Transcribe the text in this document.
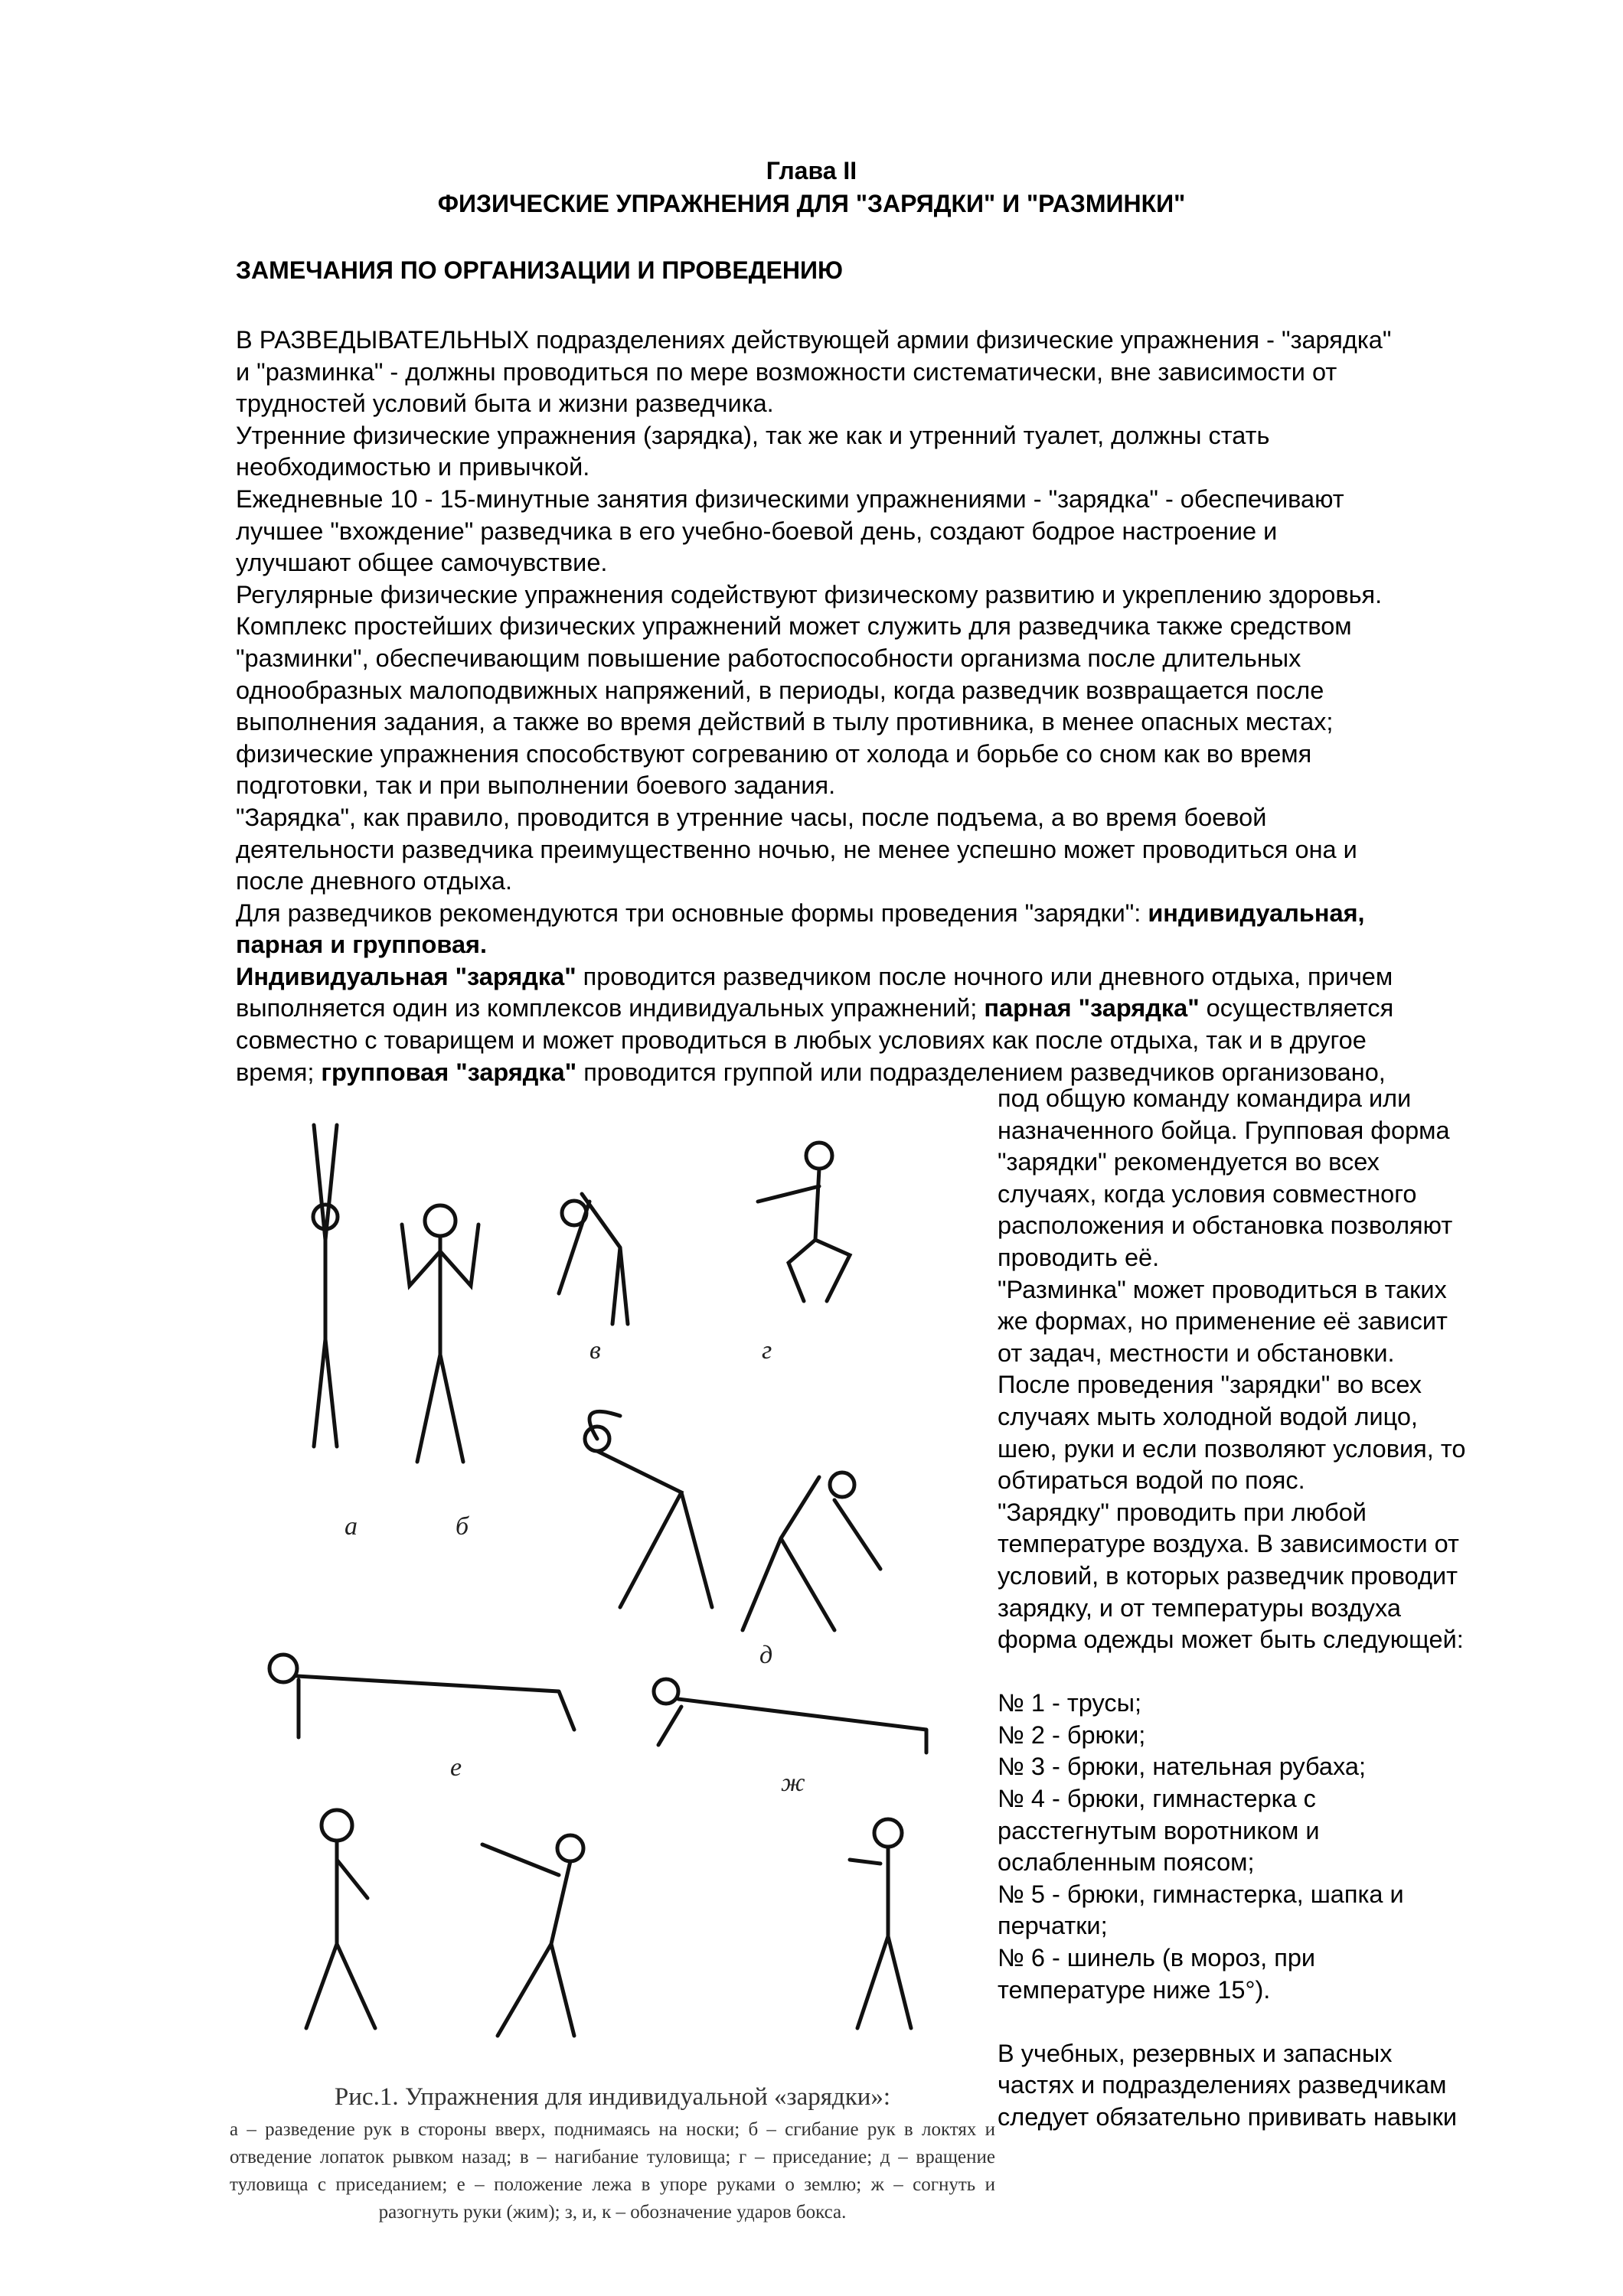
Глава II
ФИЗИЧЕСКИЕ УПРАЖНЕНИЯ ДЛЯ "ЗАРЯДКИ" И "РАЗМИНКИ"
ЗАМЕЧАНИЯ ПО ОРГАНИЗАЦИИ И ПРОВЕДЕНИЮ
В РАЗВЕДЫВАТЕЛЬНЫХ подразделениях действующей армии физические упражнения - "зарядка"
и "разминка" - должны проводиться по мере возможности систематически, вне зависимости от
трудностей условий быта и жизни разведчика.
Утренние физические упражнения (зарядка), так же как и утренний туалет, должны стать
необходимостью и привычкой.
Ежедневные 10 - 15-минутные занятия физическими упражнениями - "зарядка" - обеспечивают
лучшее "вхождение" разведчика в его учебно-боевой день, создают бодрое настроение и
улучшают общее самочувствие.
Регулярные физические упражнения содействуют физическому развитию и укреплению здоровья.
Комплекс простейших физических упражнений может служить для разведчика также средством
"разминки", обеспечивающим повышение работоспособности организма после длительных
однообразных малоподвижных напряжений, в периоды, когда разведчик возвращается после
выполнения задания, а также во время действий в тылу противника, в менее опасных местах;
физические упражнения способствуют согреванию от холода и борьбе со сном как во время
подготовки, так и при выполнении боевого задания.
"Зарядка", как правило, проводится в утренние часы, после подъема, а во время боевой
деятельности разведчика преимущественно ночью, не менее успешно может проводиться она и
после дневного отдыха.
Для разведчиков рекомендуются три основные формы проведения "зарядки": индивидуальная,
парная и групповая.
Индивидуальная "зарядка" проводится разведчиком после ночного или дневного отдыха, причем
выполняется один из комплексов индивидуальных упражнений; парная "зарядка" осуществляется
совместно с товарищем и может проводиться в любых условиях как после отдыха, так и в другое
время; групповая "зарядка" проводится группой или подразделением разведчиков организовано,
под общую команду командира или
назначенного бойца. Групповая форма
"зарядки" рекомендуется во всех
случаях, когда условия совместного
расположения и обстановка позволяют
проводить её.
"Разминка" может проводиться в таких
же формах, но применение её зависит
от задач, местности и обстановки.
После проведения "зарядки" во всех
случаях мыть холодной водой лицо,
шею, руки и если позволяют условия, то
обтираться водой по пояс.
"Зарядку" проводить при любой
температуре воздуха. В зависимости от
условий, в которых разведчик проводит
зарядку, и от температуры воздуха
форма одежды может быть следующей:
№ 1 - трусы;
№ 2 - брюки;
№ 3 - брюки, нательная рубаха;
№ 4 - брюки, гимнастерка с
расстегнутым воротником и
ослабленным поясом;
№ 5 - брюки, гимнастерка, шапка и
перчатки;
№ 6 - шинель (в мороз, при
температуре ниже 15°).
В учебных, резервных и запасных
частях и подразделениях разведчикам
следует обязательно прививать навыки
а	б
в	г
д
е
ж
Рис.1. Упражнения для индивидуальной «зарядки»:
а – разведение рук в стороны вверх, поднимаясь на носки; б – сгибание рук в локтях и отведение лопаток рывком назад; в – нагибание туловища; г – приседание; д – вращение туловища с приседанием; е – положение лежа в упоре руками о землю; ж – согнуть и разогнуть руки (жим); з, и, к – обозначение ударов бокса.
